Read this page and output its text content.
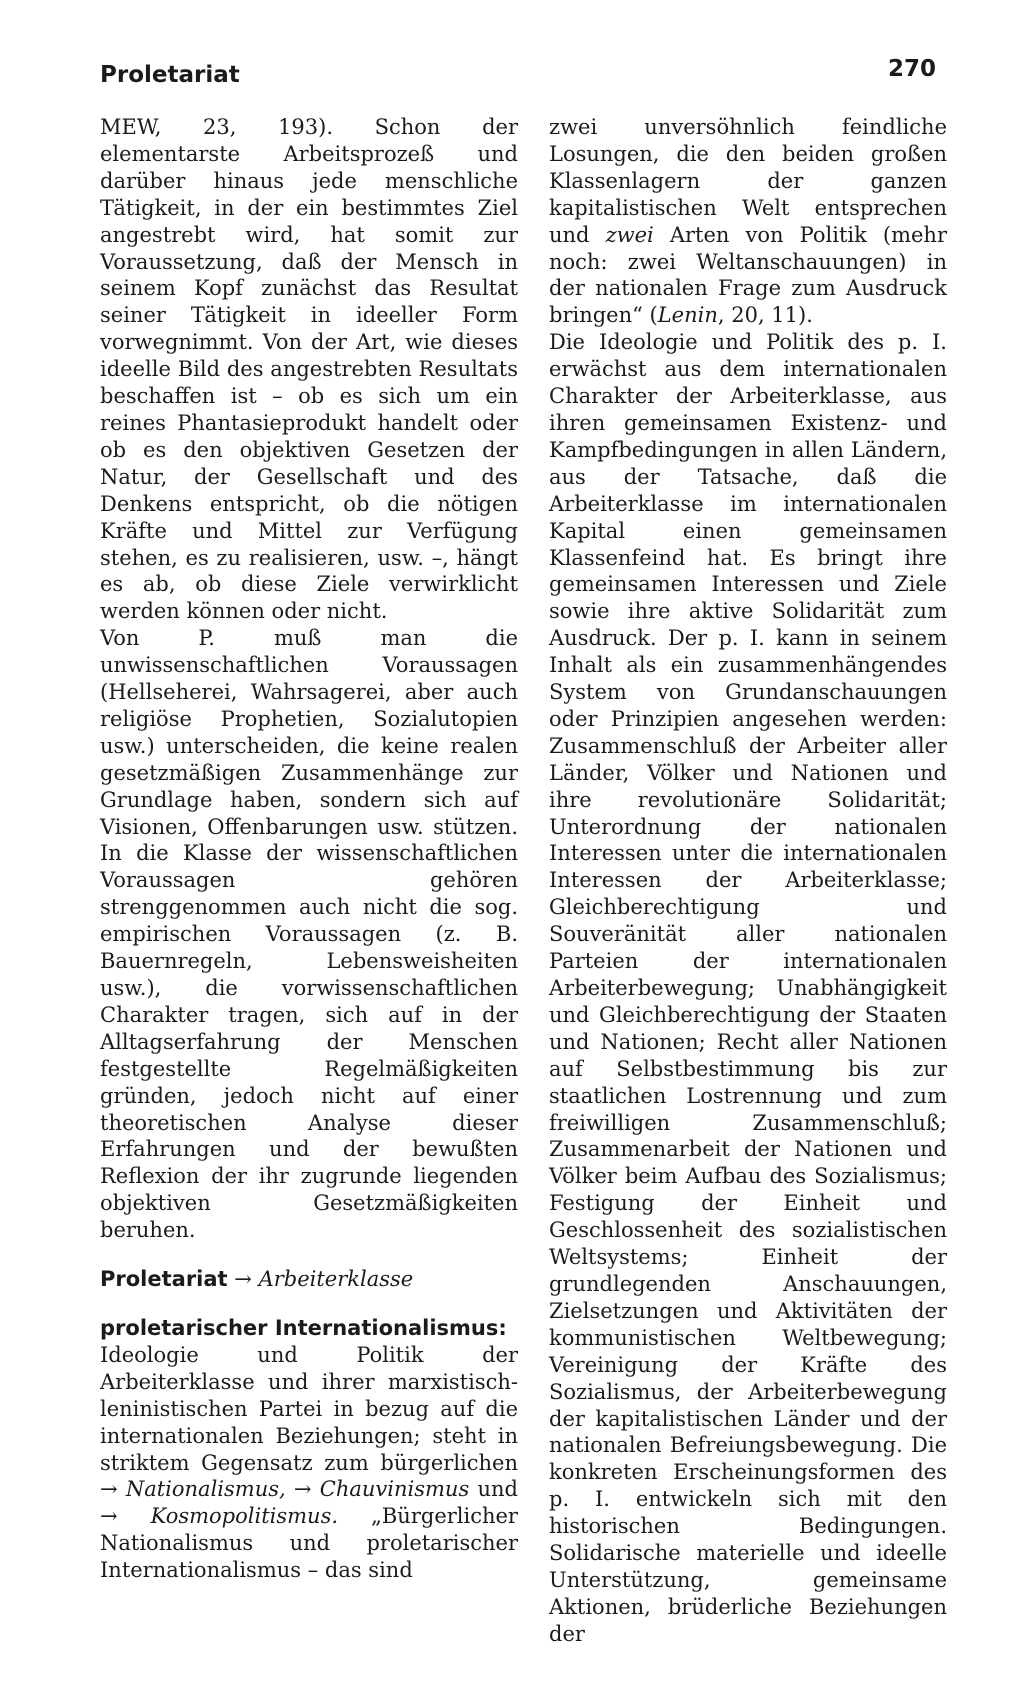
Proletariat	270

MEW, 23, 193). Schon der elementarste Arbeitsprozeß und darüber hinaus jede menschliche Tätigkeit, in der ein bestimmtes Ziel angestrebt wird, hat somit zur Voraussetzung, daß der Mensch in seinem Kopf zunächst das Resultat seiner Tätigkeit in ideeller Form vorwegnimmt. Von der Art, wie dieses ideelle Bild des angestrebten Resultats beschaffen ist – ob es sich um ein reines Phantasieprodukt handelt oder ob es den objektiven Gesetzen der Natur, der Gesellschaft und des Denkens entspricht, ob die nötigen Kräfte und Mittel zur Verfügung stehen, es zu realisieren, usw. –, hängt es ab, ob diese Ziele verwirklicht werden können oder nicht.

Von P. muß man die unwissenschaftlichen Voraussagen (Hellseherei, Wahrsagerei, aber auch religiöse Prophetien, Sozialutopien usw.) unterscheiden, die keine realen gesetzmäßigen Zusammenhänge zur Grundlage haben, sondern sich auf Visionen, Offenbarungen usw. stützen. In die Klasse der wissenschaftlichen Voraussagen gehören strenggenommen auch nicht die sog. empirischen Voraussagen (z. B. Bauernregeln, Lebensweisheiten usw.), die vorwissenschaftlichen Charakter tragen, sich auf in der Alltagserfahrung der Menschen festgestellte Regelmäßigkeiten gründen, jedoch nicht auf einer theoretischen Analyse dieser Erfahrungen und der bewußten Reflexion der ihr zugrunde liegenden objektiven Gesetzmäßigkeiten beruhen.

Proletariat → Arbeiterklasse

proletarischer Internationalismus:
Ideologie und Politik der Arbeiterklasse und ihrer marxistisch-leninistischen Partei in bezug auf die internationalen Beziehungen; steht in striktem Gegensatz zum bürgerlichen → Nationalismus, → Chauvinismus und → Kosmopolitismus. „Bürgerlicher Nationalismus und proletarischer Internationalismus – das sind

zwei unversöhnlich feindliche Losungen, die den beiden großen Klassenlagern der ganzen kapitalistischen Welt entsprechen und zwei Arten von Politik (mehr noch: zwei Weltanschauungen) in der nationalen Frage zum Ausdruck bringen“ (Lenin, 20, 11).

Die Ideologie und Politik des p. I. erwächst aus dem internationalen Charakter der Arbeiterklasse, aus ihren gemeinsamen Existenz- und Kampfbedingungen in allen Ländern, aus der Tatsache, daß die Arbeiterklasse im internationalen Kapital einen gemeinsamen Klassenfeind hat. Es bringt ihre gemeinsamen Interessen und Ziele sowie ihre aktive Solidarität zum Ausdruck. Der p. I. kann in seinem Inhalt als ein zusammenhängendes System von Grundanschauungen oder Prinzipien angesehen werden: Zusammenschluß der Arbeiter aller Länder, Völker und Nationen und ihre revolutionäre Solidarität; Unterordnung der nationalen Interessen unter die internationalen Interessen der Arbeiterklasse; Gleichberechtigung und Souveränität aller nationalen Parteien der internationalen Arbeiterbewegung; Unabhängigkeit und Gleichberechtigung der Staaten und Nationen; Recht aller Nationen auf Selbstbestimmung bis zur staatlichen Lostrennung und zum freiwilligen Zusammenschluß; Zusammenarbeit der Nationen und Völker beim Aufbau des Sozialismus; Festigung der Einheit und Geschlossenheit des sozialistischen Weltsystems; Einheit der grundlegenden Anschauungen, Zielsetzungen und Aktivitäten der kommunistischen Weltbewegung; Vereinigung der Kräfte des Sozialismus, der Arbeiterbewegung der kapitalistischen Länder und der nationalen Befreiungsbewegung. Die konkreten Erscheinungsformen des p. I. entwickeln sich mit den historischen Bedingungen. Solidarische materielle und ideelle Unterstützung, gemeinsame Aktionen, brüderliche Beziehungen der
